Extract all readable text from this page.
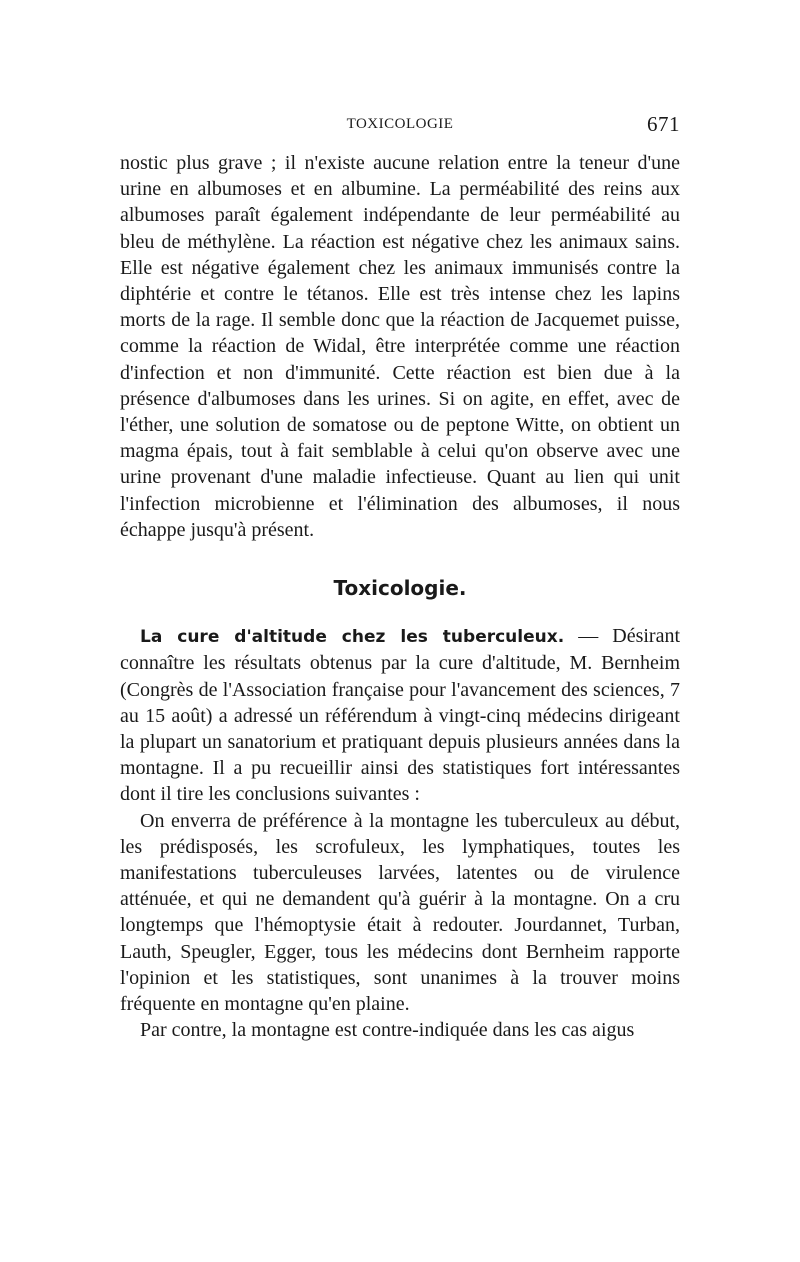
TOXICOLOGIE	671

nostic plus grave ; il n'existe aucune relation entre la teneur d'une urine en albumoses et en albumine. La perméabilité des reins aux albumoses paraît également indépendante de leur perméabilité au bleu de méthylène. La réaction est négative chez les animaux sains. Elle est négative également chez les animaux immunisés contre la diphtérie et contre le tétanos. Elle est très intense chez les lapins morts de la rage. Il semble donc que la réaction de Jacquemet puisse, comme la réaction de Widal, être interprétée comme une réaction d'infection et non d'immunité. Cette réaction est bien due à la présence d'albumoses dans les urines. Si on agite, en effet, avec de l'éther, une solution de somatose ou de peptone Witte, on obtient un magma épais, tout à fait semblable à celui qu'on observe avec une urine provenant d'une maladie infectieuse. Quant au lien qui unit l'infection microbienne et l'élimination des albumoses, il nous échappe jusqu'à présent.

Toxicologie.

La cure d'altitude chez les tuberculeux. — Désirant connaître les résultats obtenus par la cure d'altitude, M. Bernheim (Congrès de l'Association française pour l'avancement des sciences, 7 au 15 août) a adressé un référendum à vingt-cinq médecins dirigeant la plupart un sanatorium et pratiquant depuis plusieurs années dans la montagne. Il a pu recueillir ainsi des statistiques fort intéressantes dont il tire les conclusions suivantes :

On enverra de préférence à la montagne les tuberculeux au début, les prédisposés, les scrofuleux, les lymphatiques, toutes les manifestations tuberculeuses larvées, latentes ou de virulence atténuée, et qui ne demandent qu'à guérir à la montagne. On a cru longtemps que l'hémoptysie était à redouter. Jourdannet, Turban, Lauth, Speugler, Egger, tous les médecins dont Bernheim rapporte l'opinion et les statistiques, sont unanimes à la trouver moins fréquente en montagne qu'en plaine.

Par contre, la montagne est contre-indiquée dans les cas aigus
